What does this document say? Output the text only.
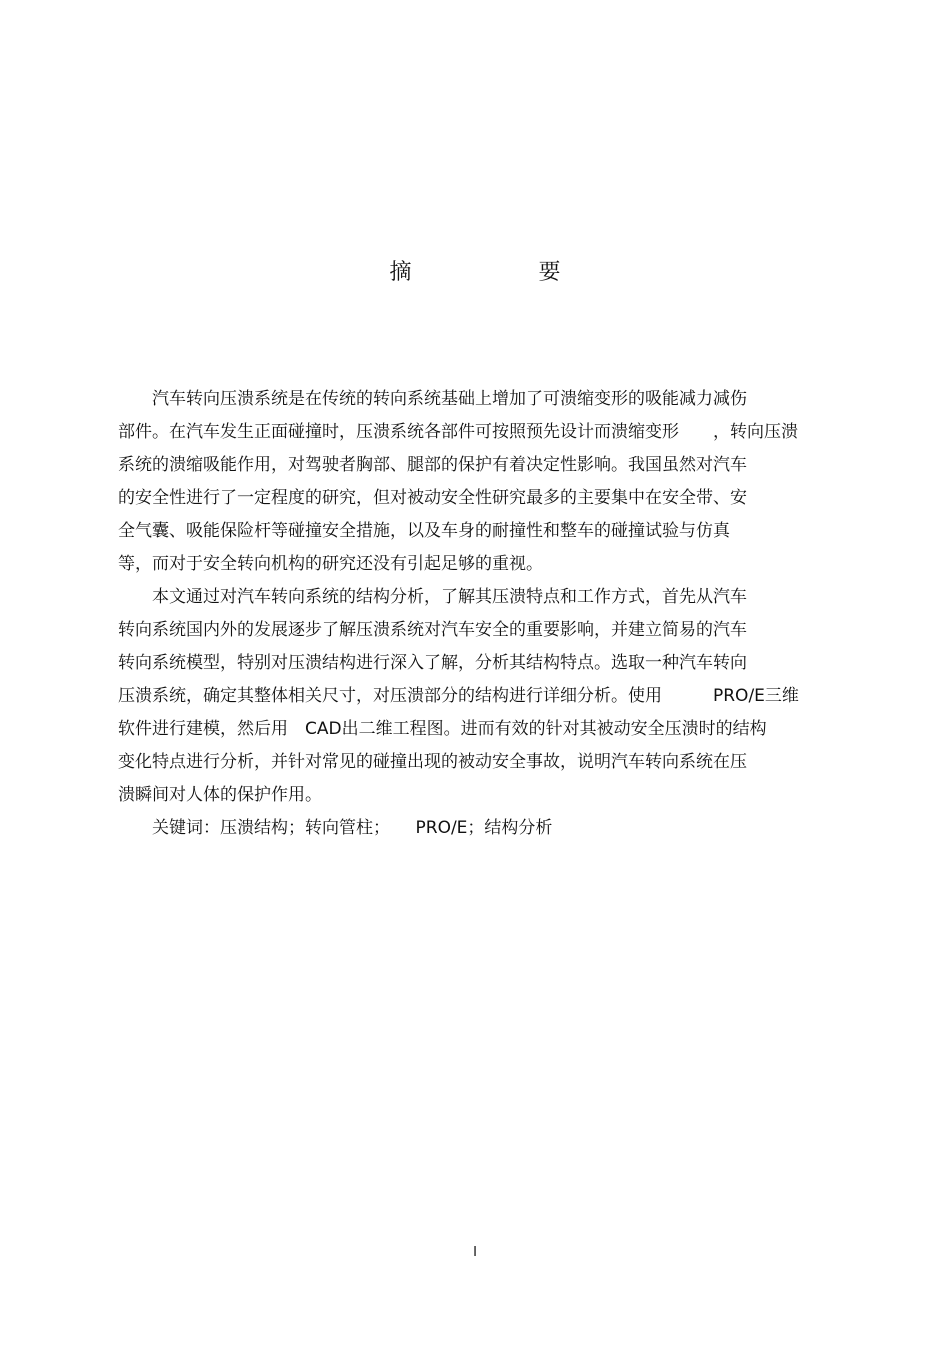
摘 要
　　汽车转向压溃系统是在传统的转向系统基础上增加了可溃缩变形的吸能减力减伤
部件。在汽车发生正面碰撞时，压溃系统各部件可按照预先设计而溃缩变形　　，转向压溃
系统的溃缩吸能作用，对驾驶者胸部、腿部的保护有着决定性影响。我国虽然对汽车
的安全性进行了一定程度的研究，但对被动安全性研究最多的主要集中在安全带、安
全气囊、吸能保险杆等碰撞安全措施，以及车身的耐撞性和整车的碰撞试验与仿真
等，而对于安全转向机构的研究还没有引起足够的重视。
　　本文通过对汽车转向系统的结构分析，了解其压溃特点和工作方式，首先从汽车
转向系统国内外的发展逐步了解压溃系统对汽车安全的重要影响，并建立简易的汽车
转向系统模型，特别对压溃结构进行深入了解，分析其结构特点。选取一种汽车转向
压溃系统，确定其整体相关尺寸，对压溃部分的结构进行详细分析。使用　　　PRO/E三维
软件进行建模，然后用　CAD出二维工程图。进而有效的针对其被动安全压溃时的结构
变化特点进行分析，并针对常见的碰撞出现的被动安全事故，说明汽车转向系统在压
溃瞬间对人体的保护作用。
　　关键词：压溃结构；转向管柱；　　PRO/E；结构分析
I
